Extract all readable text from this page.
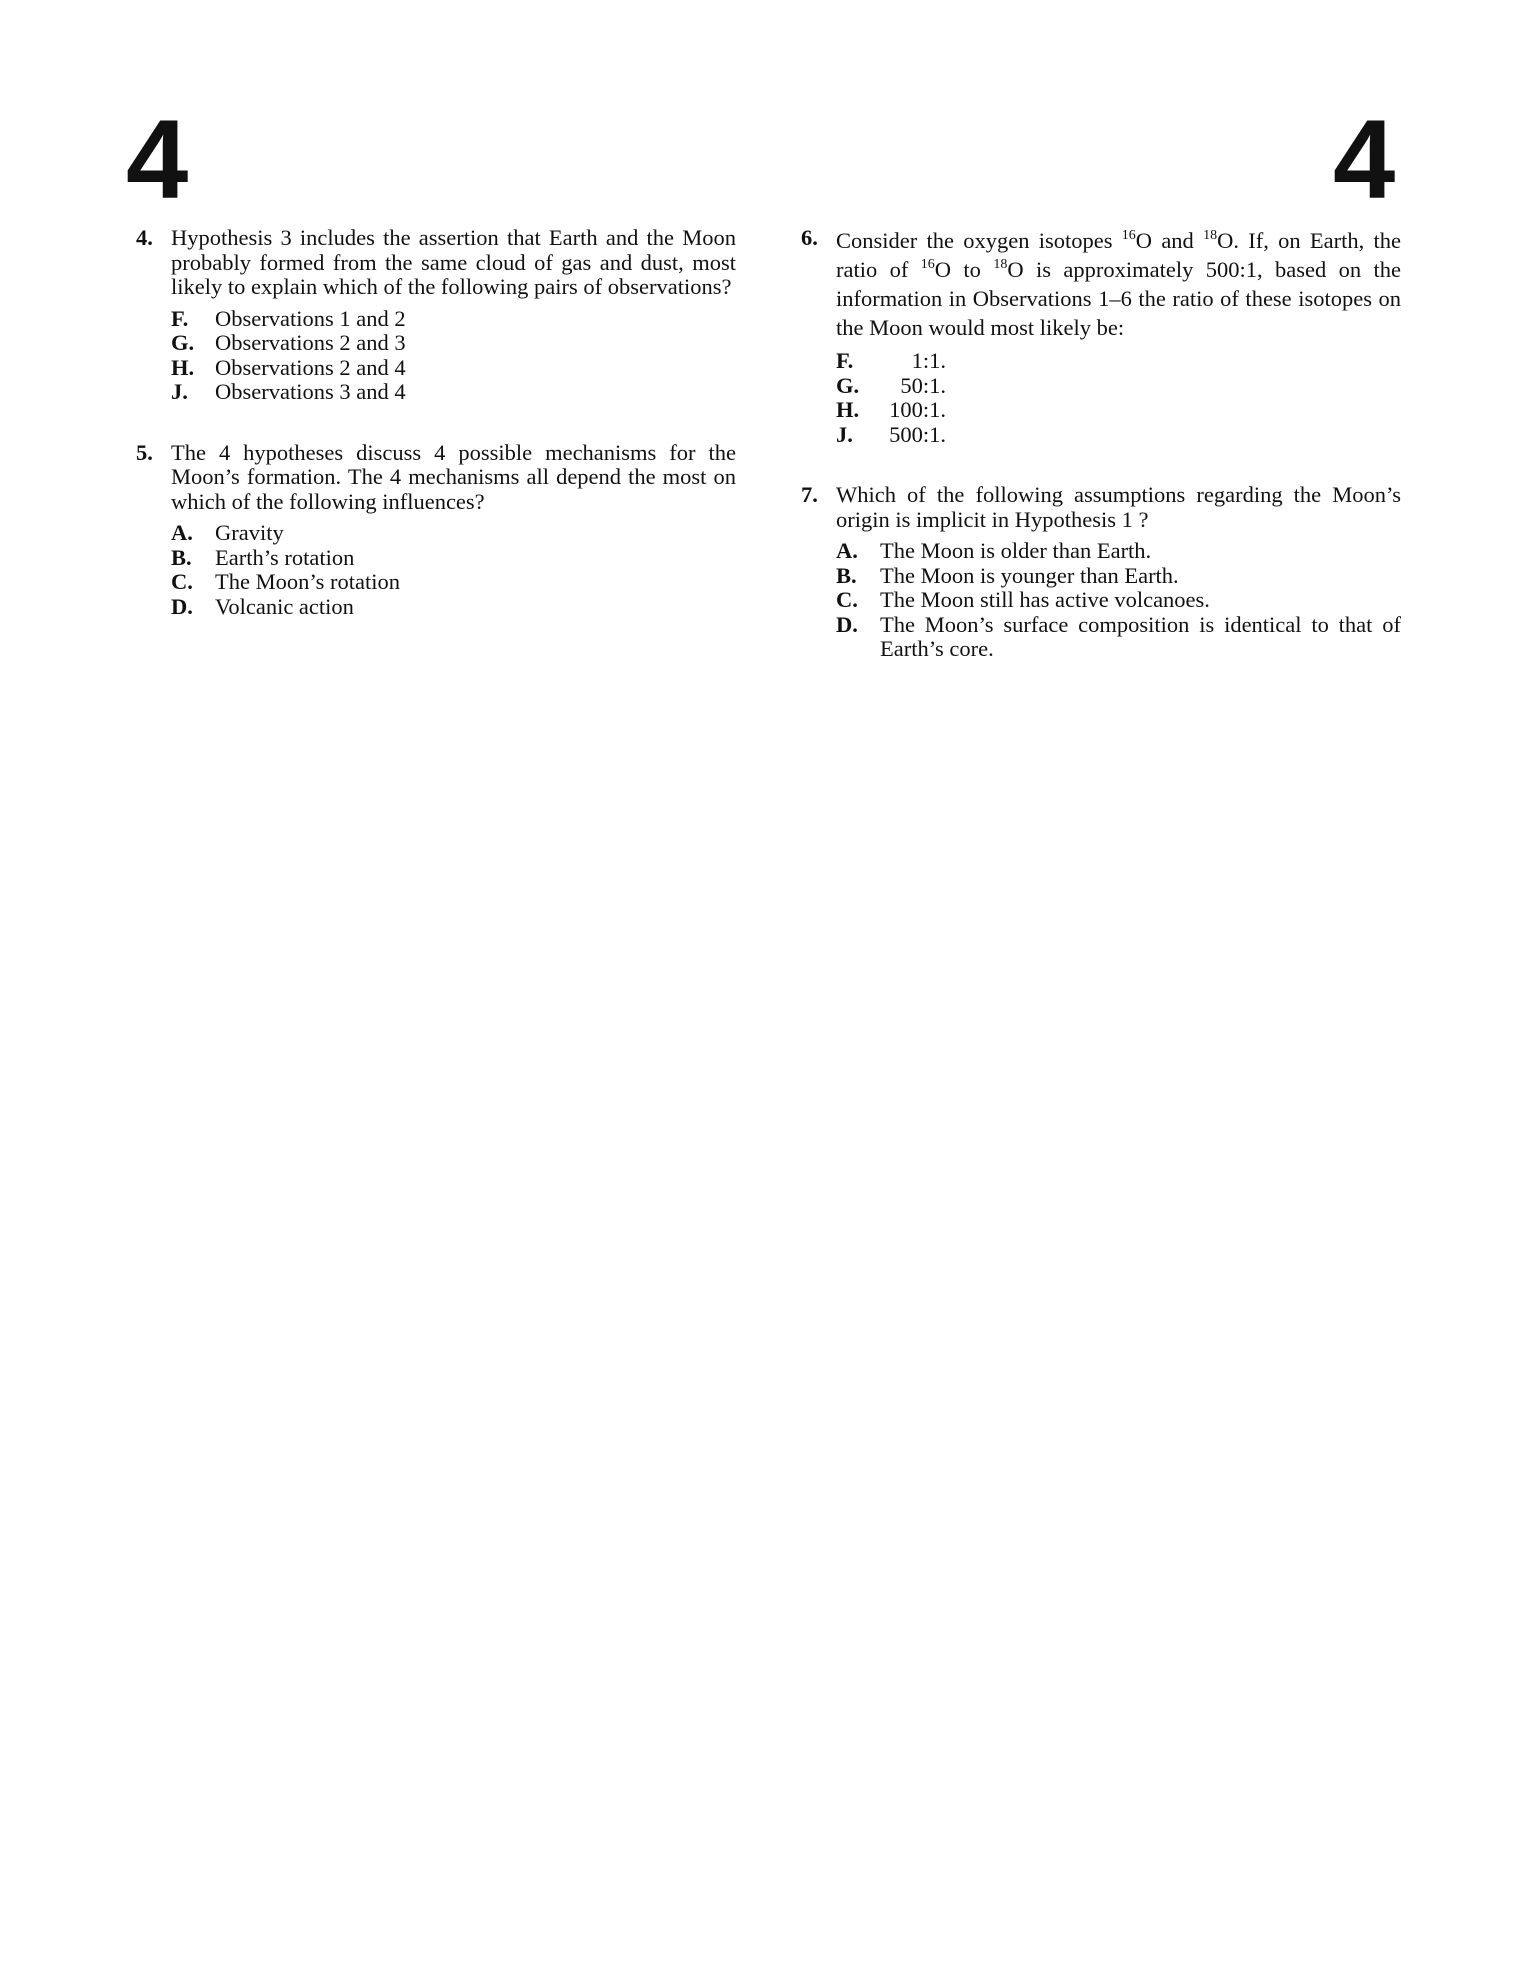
4	4
4. Hypothesis 3 includes the assertion that Earth and the Moon probably formed from the same cloud of gas and dust, most likely to explain which of the following pairs of observations?
F.	Observations 1 and 2
G. Observations 2 and 3
H. Observations 2 and 4
J.	Observations 3 and 4
5. The 4 hypotheses discuss 4 possible mechanisms for the Moon’s formation. The 4 mechanisms all depend the most on which of the following influences?
A. Gravity
B.	Earth’s rotation
C. The Moon’s rotation
D. Volcanic action
6. Consider the oxygen isotopes $^{16}$O and $^{18}$O. If, on Earth, the ratio of $^{16}$O to $^{18}$O is approximately 500:1, based on the information in Observations 1–6 the ratio of these isotopes on the Moon would most likely be:
F.	1:1.
G.	50:1.
H.	100:1.
J.	500:1.
7. Which of the following assumptions regarding the Moon’s origin is implicit in Hypothesis 1 ?
A. The Moon is older than Earth.
B.	The Moon is younger than Earth.
C. The Moon still has active volcanoes.
D. The Moon’s surface composition is identical to that of Earth’s core.
